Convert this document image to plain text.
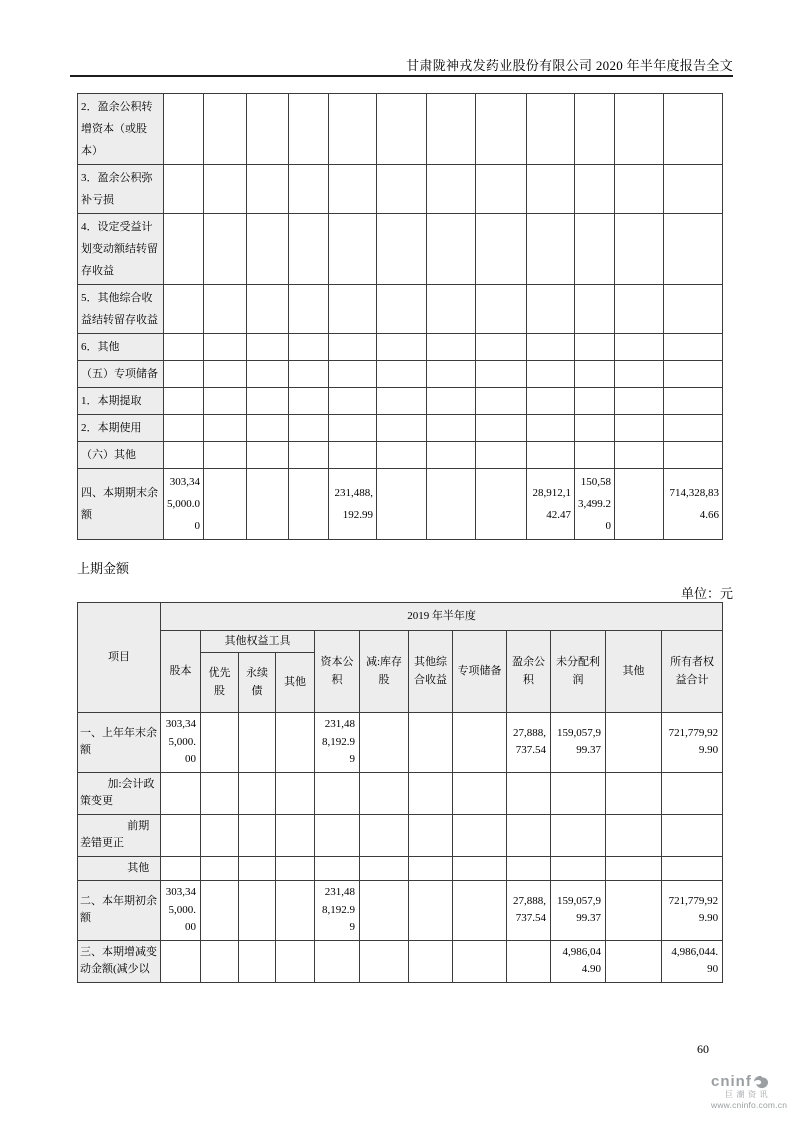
甘肃陇神戎发药业股份有限公司 2020 年半年度报告全文
2．盈余公积转增资本（或股本）												
3．盈余公积弥补亏损												
4．设定受益计划变动额结转留存收益												
5．其他综合收益结转留存收益												
6．其他												
（五）专项储备												
1．本期提取												
2．本期使用												
（六）其他												
四、本期期末余额	303,345,000.00				231,488,192.99				28,912,142.47	150,583,499.20		714,328,834.66
上期金额
单位：元
项目	2019 年半年度											
	股本	其他权益工具			资本公积	减:库存股	其他综合收益	专项储备	盈余公积	未分配利润	其他	所有者权益合计
		优先股	永续债	其他								
一、上年年末余额	303,345,000.00				231,488,192.99				27,888,737.54	159,057,999.37		721,779,929.90
加:会计政策变更												
前期差错更正												
其他												
二、本年期初余额	303,345,000.00				231,488,192.99				27,888,737.54	159,057,999.37		721,779,929.90
三、本期增减变动金额(减少以										4,986,044.90		4,986,044.90
60
cninf
巨潮资讯
www.cninfo.com.cn
